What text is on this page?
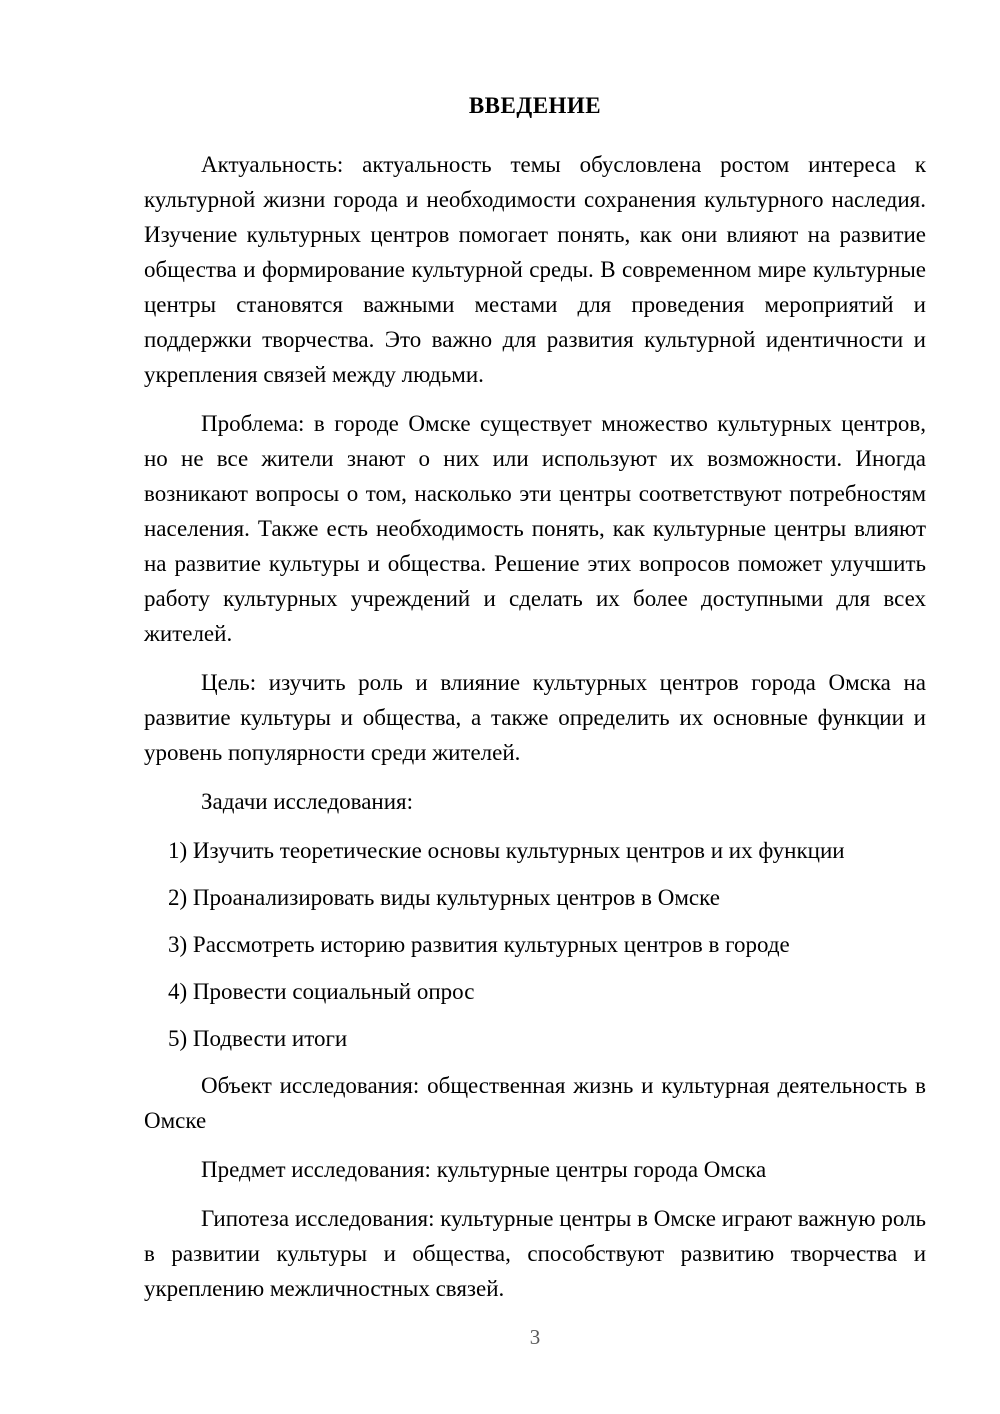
ВВЕДЕНИЕ

Актуальность: актуальность темы обусловлена ростом интереса к культурной жизни города и необходимости сохранения культурного наследия. Изучение культурных центров помогает понять, как они влияют на развитие общества и формирование культурной среды. В современном мире культурные центры становятся важными местами для проведения мероприятий и поддержки творчества. Это важно для развития культурной идентичности и укрепления связей между людьми.

Проблема: в городе Омске существует множество культурных центров, но не все жители знают о них или используют их возможности. Иногда возникают вопросы о том, насколько эти центры соответствуют потребностям населения. Также есть необходимость понять, как культурные центры влияют на развитие культуры и общества. Решение этих вопросов поможет улучшить работу культурных учреждений и сделать их более доступными для всех жителей.

Цель: изучить роль и влияние культурных центров города Омска на развитие культуры и общества, а также определить их основные функции и уровень популярности среди жителей.

Задачи исследования:

1) Изучить теоретические основы культурных центров и их функции
2) Проанализировать виды культурных центров в Омске
3) Рассмотреть историю развития культурных центров в городе
4) Провести социальный опрос
5) Подвести итоги

Объект исследования: общественная жизнь и культурная деятельность в Омске

Предмет исследования: культурные центры города Омска

Гипотеза исследования: культурные центры в Омске играют важную роль в развитии культуры и общества, способствуют развитию творчества и укреплению межличностных связей.

3
